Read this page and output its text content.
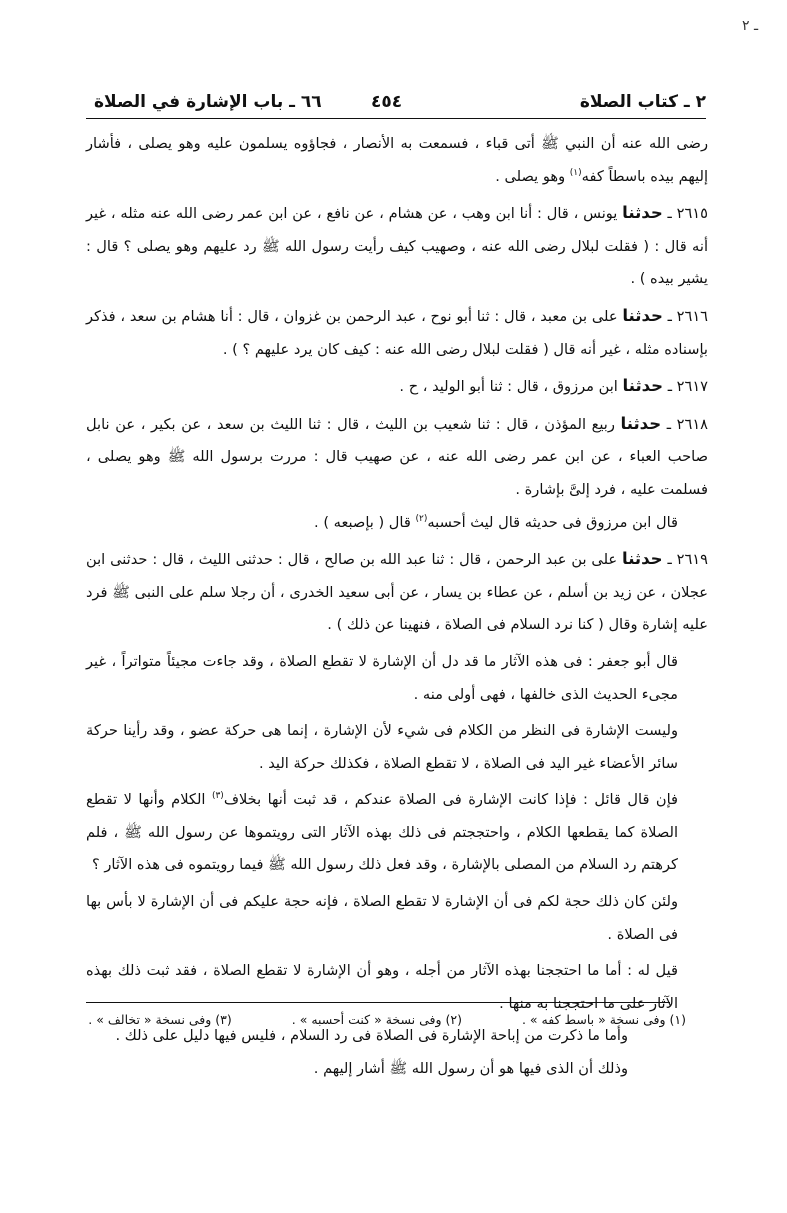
ـ ٢
٢ ـ كتاب الصلاة
٤٥٤
٦٦ ـ باب الإشارة في الصلاة

رضى الله عنه أن النبي ﷺ أتى قباء ، فسمعت به الأنصار ، فجاؤوه يسلمون عليه وهو يصلى ، فأشار إليهم بيده باسطاً كفه$^{(١)}$ وهو يصلى .

٢٦١٥ ـ حدثنا يونس ، قال : أنا ابن وهب ، عن هشام ، عن نافع ، عن ابن عمر رضى الله عنه مثله ، غير أنه قال : ( فقلت لبلال رضى الله عنه ، وصهيب كيف رأيت رسول الله ﷺ رد عليهم وهو يصلى ؟ قال : يشير بيده ) .

٢٦١٦ ـ حدثنا على بن معبد ، قال : ثنا أبو نوح ، عبد الرحمن بن غزوان ، قال : أنا هشام بن سعد ، فذكر بإسناده مثله ، غير أنه قال ( فقلت لبلال رضى الله عنه : كيف كان يرد عليهم ؟ ) .

٢٦١٧ ـ حدثنا ابن مرزوق ، قال : ثنا أبو الوليد ، ح .

٢٦١٨ ـ حدثنا ربيع المؤذن ، قال : ثنا شعيب بن الليث ، قال : ثنا الليث بن سعد ، عن بكير ، عن نابل صاحب العباء ، عن ابن عمر رضى الله عنه ، عن صهيب قال : مررت برسول الله ﷺ وهو يصلى ، فسلمت عليه ، فرد إلىَّ بإشارة .

قال ابن مرزوق فى حديثه قال ليث أحسبه$^{(٢)}$ قال ( بإصبعه ) .

٢٦١٩ ـ حدثنا على بن عبد الرحمن ، قال : ثنا عبد الله بن صالح ، قال : حدثنى الليث ، قال : حدثنى ابن عجلان ، عن زيد بن أسلم ، عن عطاء بن يسار ، عن أبى سعيد الخدرى ، أن رجلا سلم على النبى ﷺ فرد عليه إشارة وقال ( كنا نرد السلام فى الصلاة ، فنهينا عن ذلك ) .

قال أبو جعفر : فى هذه الآثار ما قد دل أن الإشارة لا تقطع الصلاة ، وقد جاءت مجيئاً متواتراً ، غير مجىء الحديث الذى خالفها ، فهى أولى منه .

وليست الإشارة فى النظر من الكلام فى شيء لأن الإشارة ، إنما هى حركة عضو ، وقد رأينا حركة سائر الأعضاء غير اليد فى الصلاة ، لا تقطع الصلاة ، فكذلك حركة اليد .

فإن قال قائل : فإذا كانت الإشارة فى الصلاة عندكم ، قد ثبت أنها بخلاف$^{(٣)}$ الكلام وأنها لا تقطع الصلاة كما يقطعها الكلام ، واحتججتم فى ذلك بهذه الآثار التى رويتموها عن رسول الله ﷺ ، فلم كرهتم رد السلام من المصلى بالإشارة ، وقد فعل ذلك رسول الله ﷺ فيما رويتموه فى هذه الآثار ؟

ولئن كان ذلك حجة لكم فى أن الإشارة لا تقطع الصلاة ، فإنه حجة عليكم فى أن الإشارة لا بأس بها فى الصلاة .

قيل له : أما ما احتججنا بهذه الآثار من أجله ، وهو أن الإشارة لا تقطع الصلاة ، فقد ثبت ذلك بهذه الآثار على ما احتججنا به منها .

وأما ما ذكرت من إباحة الإشارة فى الصلاة فى رد السلام ، فليس فيها دليل على ذلك .

وذلك أن الذى فيها هو أن رسول الله ﷺ أشار إليهم .

(١) وفى نسخة « باسط كفه » . (٢) وفى نسخة « كنت أحسبه » . (٣) وفى نسخة « تخالف » .
